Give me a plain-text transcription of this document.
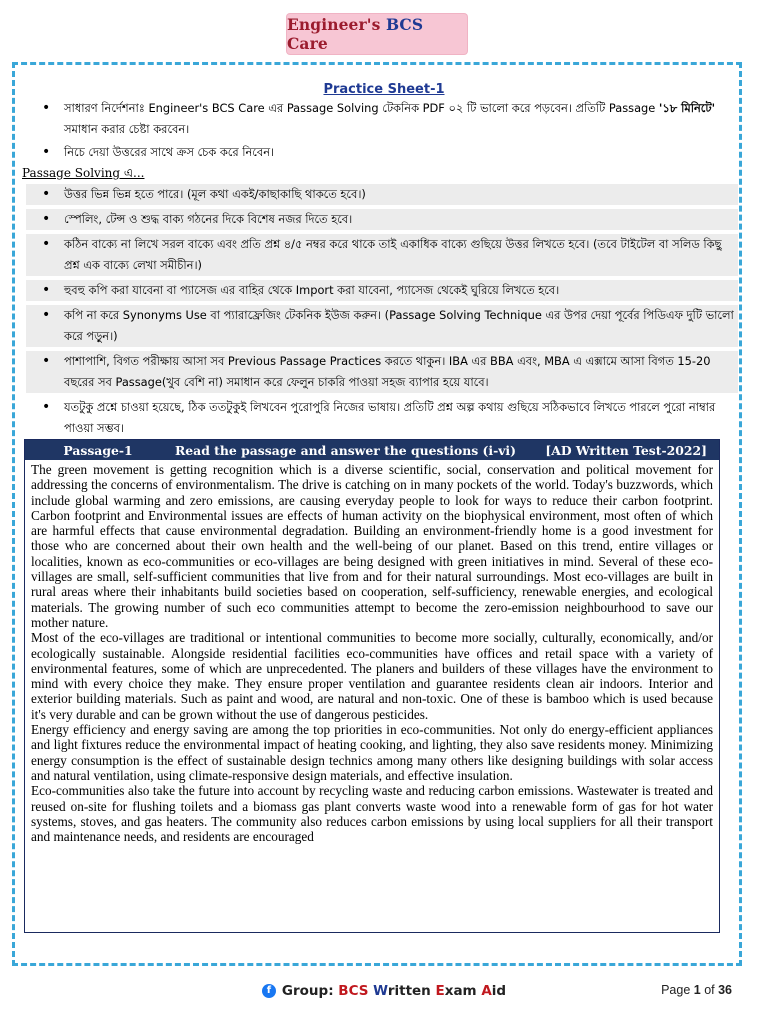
Engineer's BCS Care
Practice Sheet-1
• সাধারণ নির্দেশনাঃ Engineer's BCS Care এর Passage Solving টেকনিক PDF ০২ টি ভালো করে পড়বেন। প্রতিটি Passage '১৮ মিনিটে' সমাধান করার চেষ্টা করবেন।
• নিচে দেয়া উত্তরের সাথে ক্রস চেক করে নিবেন।
Passage Solving এ...
• উত্তর ভিন্ন ভিন্ন হতে পারে। (মূল কথা একই/কাছাকাছি থাকতে হবে।)
• স্পেলিং, টেন্স ও শুদ্ধ বাক্য গঠনের দিকে বিশেষ নজর দিতে হবে।
• কঠিন বাক্যে না লিখে সরল বাক্যে এবং প্রতি প্রশ্ন ৪/৫ নম্বর করে থাকে তাই একাধিক বাক্যে গুছিয়ে উত্তর লিখতে হবে। (তবে টাইটেল বা সলিড কিছু প্রশ্ন এক বাক্যে লেখা সমীচীন।)
• হুবহু কপি করা যাবেনা বা প্যাসেজ এর বাহির থেকে Import করা যাবেনা, প্যাসেজ থেকেই ঘুরিয়ে লিখতে হবে।
• কপি না করে Synonyms Use বা প্যারাফ্রেজিং টেকনিক ইউজ করুন। (Passage Solving Technique এর উপর দেয়া পূর্বের পিডিএফ দুটি ভালো করে পড়ুন।)
• পাশাপাশি, বিগত পরীক্ষায় আসা সব Previous Passage Practices করতে থাকুন। IBA এর BBA এবং, MBA এ এক্সামে আসা বিগত 15-20 বছরের সব Passage(খুব বেশি না) সমাধান করে ফেলুন চাকরি পাওয়া সহজ ব্যাপার হয়ে যাবে।
• যতটুকু প্রশ্নে চাওয়া হয়েছে, ঠিক ততটুকুই লিখবেন পুরোপুরি নিজের ভাষায়। প্রতিটি প্রশ্ন অল্প কথায় গুছিয়ে সঠিকভাবে লিখতে পারলে পুরো নাম্বার পাওয়া সম্ভব।
Passage-1	Read the passage and answer the questions (i-vi)	[AD Written Test-2022]

The green movement is getting recognition which is a diverse scientific, social, conservation and political movement for addressing the concerns of environmentalism. The drive is catching on in many pockets of the world. Today's buzzwords, which include global warming and zero emissions, are causing everyday people to look for ways to reduce their carbon footprint. Carbon footprint and Environmental issues are effects of human activity on the biophysical environment, most often of which are harmful effects that cause environmental degradation. Building an environment-friendly home is a good investment for those who are concerned about their own health and the well-being of our planet. Based on this trend, entire villages or localities, known as eco-communities or eco-villages are being designed with green initiatives in mind. Several of these eco-villages are small, self-sufficient communities that live from and for their natural surroundings. Most eco-villages are built in rural areas where their inhabitants build societies based on cooperation, self-sufficiency, renewable energies, and ecological materials. The growing number of such eco communities attempt to become the zero-emission neighbourhood to save our mother nature.

Most of the eco-villages are traditional or intentional communities to become more socially, culturally, economically, and/or ecologically sustainable. Alongside residential facilities eco-communities have offices and retail space with a variety of environmental features, some of which are unprecedented. The planers and builders of these villages have the environment to mind with every choice they make. They ensure proper ventilation and guarantee residents clean air indoors. Interior and exterior building materials. Such as paint and wood, are natural and non-toxic. One of these is bamboo which is used because it's very durable and can be grown without the use of dangerous pesticides.

Energy efficiency and energy saving are among the top priorities in eco-communities. Not only do energy-efficient appliances and light fixtures reduce the environmental impact of heating cooking, and lighting, they also save residents money. Minimizing energy consumption is the effect of sustainable design technics among many others like designing buildings with solar access and natural ventilation, using climate-responsive design materials, and effective insulation.

Eco-communities also take the future into account by recycling waste and reducing carbon emissions. Wastewater is treated and reused on-site for flushing toilets and a biomass gas plant converts waste wood into a renewable form of gas for hot water systems, stoves, and gas heaters. The community also reduces carbon emissions by using local suppliers for all their transport and maintenance needs, and residents are encouraged

f Group: BCS Written Exam Aid	Page 1 of 36
